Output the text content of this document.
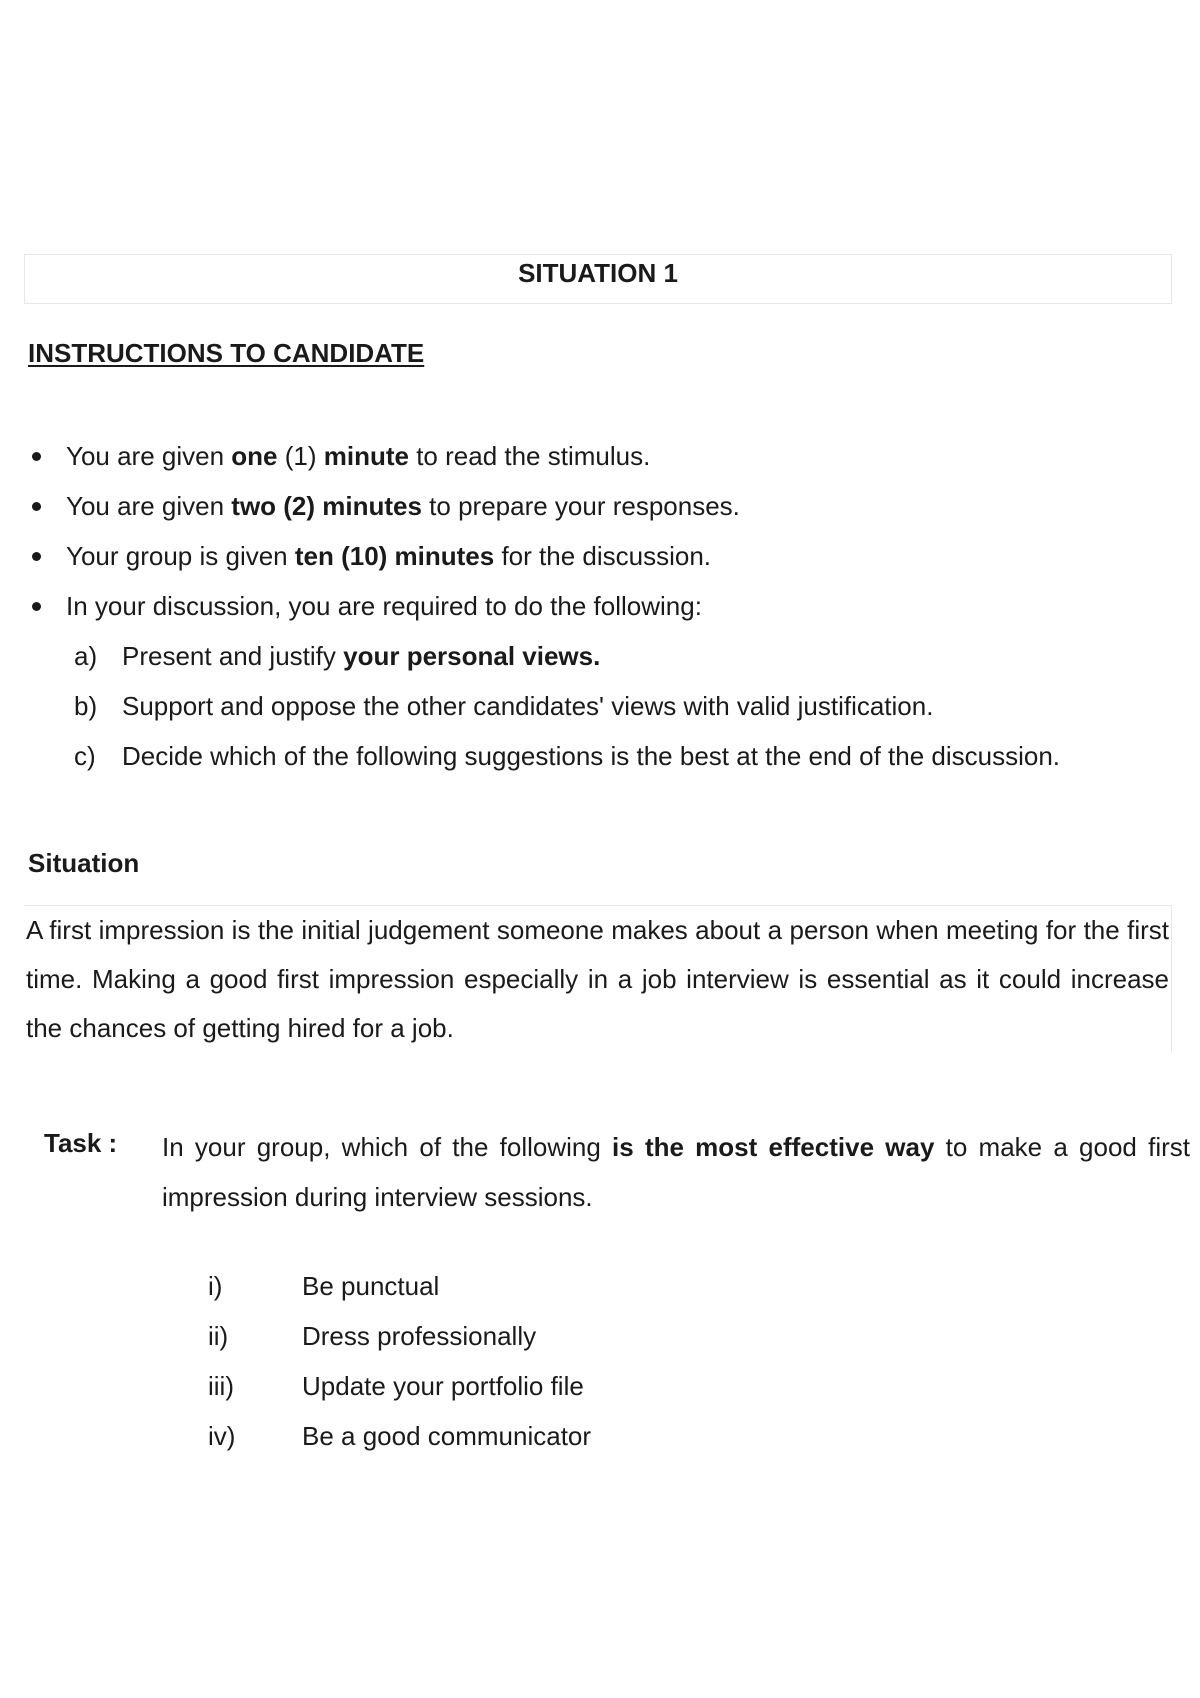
SITUATION 1
INSTRUCTIONS TO CANDIDATE
You are given one (1) minute to read the stimulus.
You are given two (2) minutes to prepare your responses.
Your group is given ten (10) minutes for the discussion.
In your discussion, you are required to do the following:
a) Present and justify your personal views.
b) Support and oppose the other candidates' views with valid justification.
c) Decide which of the following suggestions is the best at the end of the discussion.
Situation

A first impression is the initial judgement someone makes about a person when meeting for the first time. Making a good first impression especially in a job interview is essential as it could increase the chances of getting hired for a job.

Task : In your group, which of the following is the most effective way to make a good first impression during interview sessions.

i)	Be punctual
ii)	Dress professionally
iii)	Update your portfolio file
iv)	Be a good communicator
